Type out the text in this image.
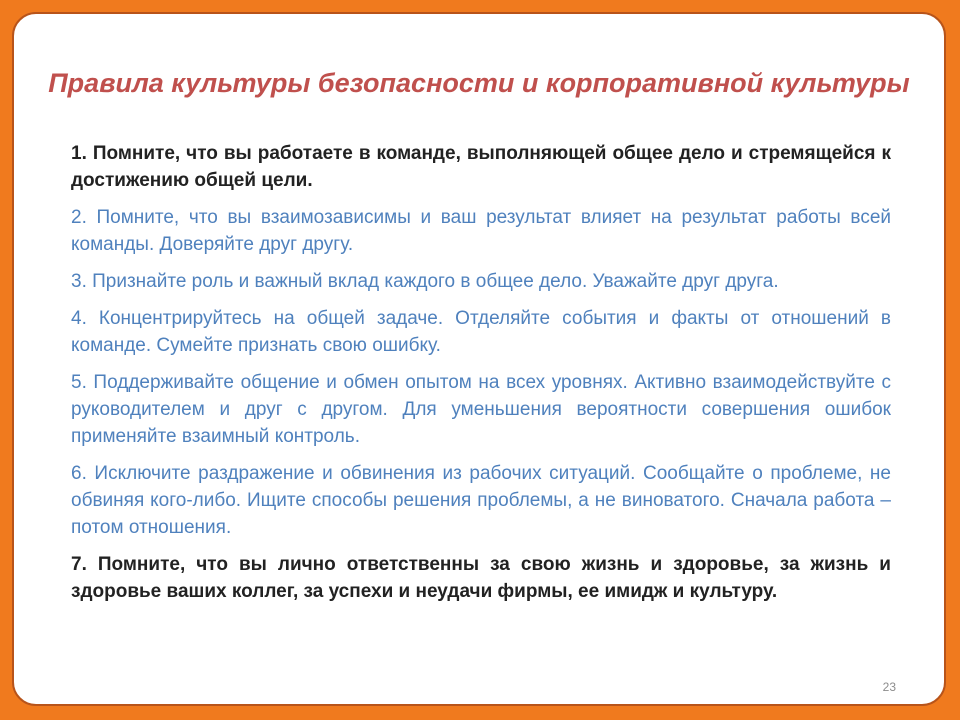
Правила культуры безопасности и корпоративной культуры
1. Помните, что вы работаете в команде, выполняющей общее дело и стремящейся к достижению общей цели.
2. Помните, что вы взаимозависимы и ваш результат влияет на результат работы всей команды. Доверяйте друг другу.
3. Признайте роль и важный вклад каждого в общее дело. Уважайте друг друга.
4. Концентрируйтесь на общей задаче. Отделяйте события и факты от отношений в команде. Сумейте признать свою ошибку.
5. Поддерживайте общение и обмен опытом на всех уровнях. Активно взаимодействуйте с руководителем и друг с другом. Для уменьшения вероятности совершения ошибок применяйте взаимный контроль.
6. Исключите раздражение и обвинения из рабочих ситуаций. Сообщайте о проблеме, не обвиняя кого-либо. Ищите способы решения проблемы, а не виноватого. Сначала работа – потом отношения.
7. Помните, что вы лично ответственны за свою жизнь и здоровье, за жизнь и здоровье ваших коллег, за успехи и неудачи фирмы, ее имидж и культуру.
23
